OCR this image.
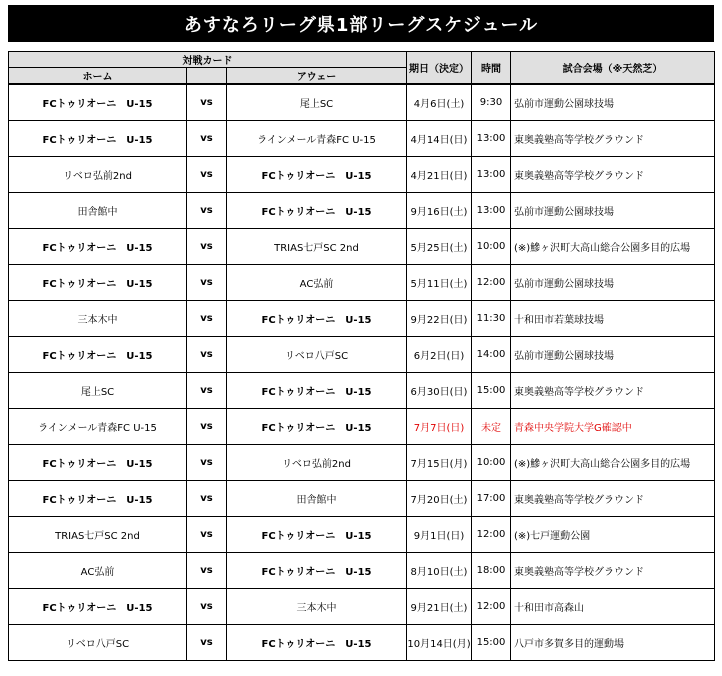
あすなろリーグ県1部リーグスケジュール
対戦カード			期日（決定）	時間	試合会場（※天然芝）
ホーム		アウェー			
FCトゥリオーニ　U-15	vs	尾上SC	4月6日(土)	9:30	弘前市運動公園球技場
FCトゥリオーニ　U-15	vs	ラインメール青森FC U-15	4月14日(日)	13:00	東奥義塾高等学校グラウンド
リベロ弘前2nd	vs	FCトゥリオーニ　U-15	4月21日(日)	13:00	東奥義塾高等学校グラウンド
田舎館中	vs	FCトゥリオーニ　U-15	9月16日(土)	13:00	弘前市運動公園球技場
FCトゥリオーニ　U-15	vs	TRIAS七戸SC 2nd	5月25日(土)	10:00	(※)鰺ヶ沢町大高山総合公園多目的広場
FCトゥリオーニ　U-15	vs	AC弘前	5月11日(土)	12:00	弘前市運動公園球技場
三本木中	vs	FCトゥリオーニ　U-15	9月22日(日)	11:30	十和田市若葉球技場
FCトゥリオーニ　U-15	vs	リベロ八戸SC	6月2日(日)	14:00	弘前市運動公園球技場
尾上SC	vs	FCトゥリオーニ　U-15	6月30日(日)	15:00	東奥義塾高等学校グラウンド
ラインメール青森FC U-15	vs	FCトゥリオーニ　U-15	7月7日(日)	未定	青森中央学院大学G確認中
FCトゥリオーニ　U-15	vs	リベロ弘前2nd	7月15日(月)	10:00	(※)鰺ヶ沢町大高山総合公園多目的広場
FCトゥリオーニ　U-15	vs	田舎館中	7月20日(土)	17:00	東奥義塾高等学校グラウンド
TRIAS七戸SC 2nd	vs	FCトゥリオーニ　U-15	9月1日(日)	12:00	(※)七戸運動公園
AC弘前	vs	FCトゥリオーニ　U-15	8月10日(土)	18:00	東奥義塾高等学校グラウンド
FCトゥリオーニ　U-15	vs	三本木中	9月21日(土)	12:00	十和田市高森山
リベロ八戸SC	vs	FCトゥリオーニ　U-15	10月14日(月)	15:00	八戸市多賀多目的運動場
